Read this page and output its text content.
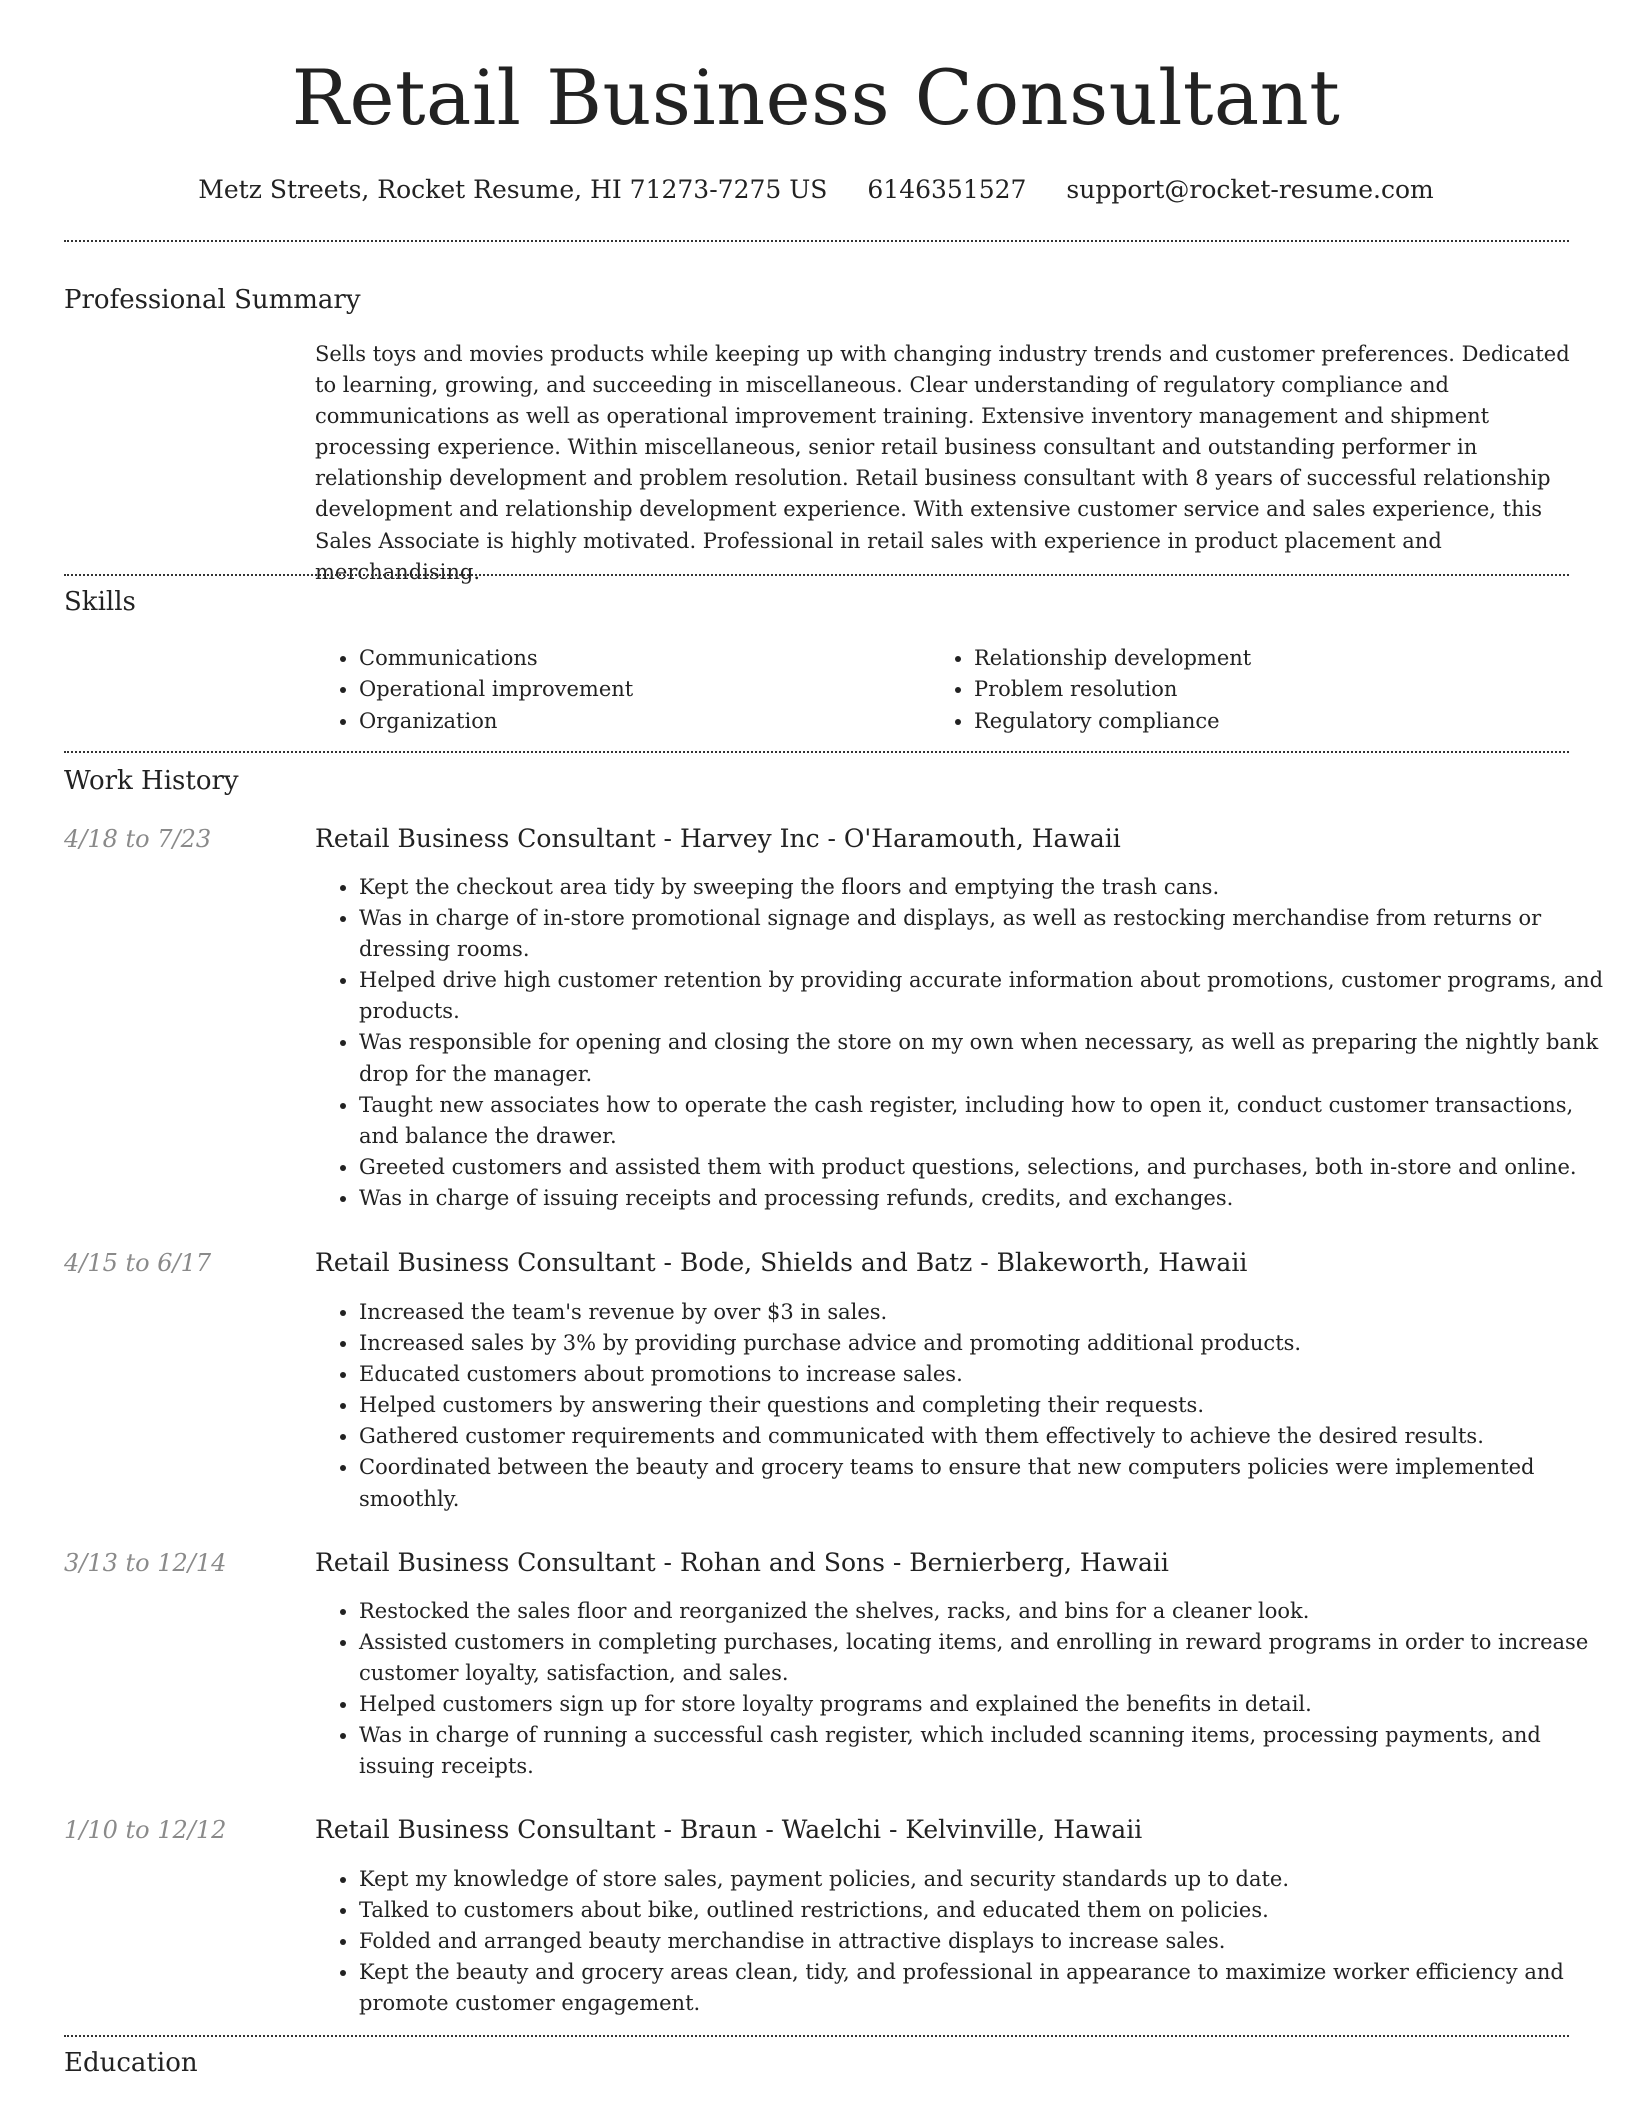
Retail Business Consultant
Metz Streets, Rocket Resume, HI 71273-7275 US 6146351527 support@rocket-resume.com
Professional Summary
Sells toys and movies products while keeping up with changing industry trends and customer preferences. Dedicated to learning, growing, and succeeding in miscellaneous. Clear understanding of regulatory compliance and communications as well as operational improvement training. Extensive inventory management and shipment processing experience. Within miscellaneous, senior retail business consultant and outstanding performer in relationship development and problem resolution. Retail business consultant with 8 years of successful relationship development and relationship development experience. With extensive customer service and sales experience, this Sales Associate is highly motivated. Professional in retail sales with experience in product placement and merchandising.
Skills
• Communications
• Operational improvement
• Organization
• Relationship development
• Problem resolution
• Regulatory compliance
Work History
4/18 to 7/23	Retail Business Consultant - Harvey Inc - O'Haramouth, Hawaii
• Kept the checkout area tidy by sweeping the floors and emptying the trash cans.
• Was in charge of in-store promotional signage and displays, as well as restocking merchandise from returns or dressing rooms.
• Helped drive high customer retention by providing accurate information about promotions, customer programs, and products.
• Was responsible for opening and closing the store on my own when necessary, as well as preparing the nightly bank drop for the manager.
• Taught new associates how to operate the cash register, including how to open it, conduct customer transactions, and balance the drawer.
• Greeted customers and assisted them with product questions, selections, and purchases, both in-store and online.
• Was in charge of issuing receipts and processing refunds, credits, and exchanges.
4/15 to 6/17	Retail Business Consultant - Bode, Shields and Batz - Blakeworth, Hawaii
• Increased the team's revenue by over $3 in sales.
• Increased sales by 3% by providing purchase advice and promoting additional products.
• Educated customers about promotions to increase sales.
• Helped customers by answering their questions and completing their requests.
• Gathered customer requirements and communicated with them effectively to achieve the desired results.
• Coordinated between the beauty and grocery teams to ensure that new computers policies were implemented smoothly.
3/13 to 12/14	Retail Business Consultant - Rohan and Sons - Bernierberg, Hawaii
• Restocked the sales floor and reorganized the shelves, racks, and bins for a cleaner look.
• Assisted customers in completing purchases, locating items, and enrolling in reward programs in order to increase customer loyalty, satisfaction, and sales.
• Helped customers sign up for store loyalty programs and explained the benefits in detail.
• Was in charge of running a successful cash register, which included scanning items, processing payments, and issuing receipts.
1/10 to 12/12	Retail Business Consultant - Braun - Waelchi - Kelvinville, Hawaii
• Kept my knowledge of store sales, payment policies, and security standards up to date.
• Talked to customers about bike, outlined restrictions, and educated them on policies.
• Folded and arranged beauty merchandise in attractive displays to increase sales.
• Kept the beauty and grocery areas clean, tidy, and professional in appearance to maximize worker efficiency and promote customer engagement.
Education
